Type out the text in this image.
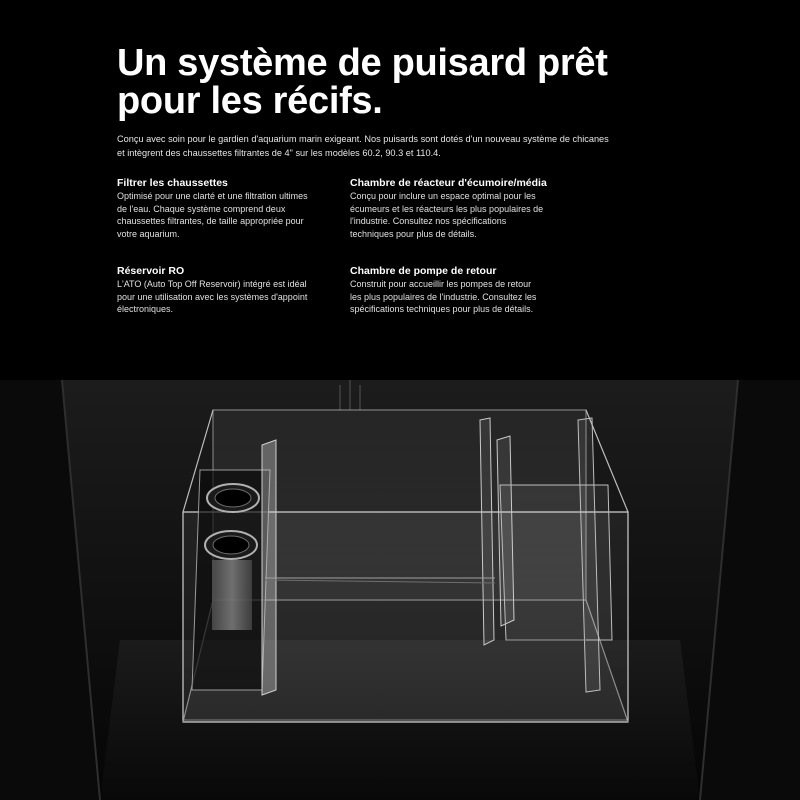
Un système de puisard prêt
pour les récifs.

Conçu avec soin pour le gardien d'aquarium marin exigeant. Nos puisards sont dotés d'un nouveau système de chicanes
et intègrent des chaussettes filtrantes de 4" sur les modèles 60.2, 90.3 et 110.4.

Filtrer les chaussettes
Optimisé pour une clarté et une filtration ultimes
de l'eau. Chaque système comprend deux
chaussettes filtrantes, de taille appropriée pour
votre aquarium.
Chambre de réacteur d'écumoire/média
Conçu pour inclure un espace optimal pour les
écumeurs et les réacteurs les plus populaires de
l'industrie. Consultez nos spécifications
techniques pour plus de détails.
Réservoir RO
L'ATO (Auto Top Off Reservoir) intégré est idéal
pour une utilisation avec les systèmes d'appoint
électroniques.
Chambre de pompe de retour
Construit pour accueillir les pompes de retour
les plus populaires de l'industrie. Consultez les
spécifications techniques pour plus de détails.
